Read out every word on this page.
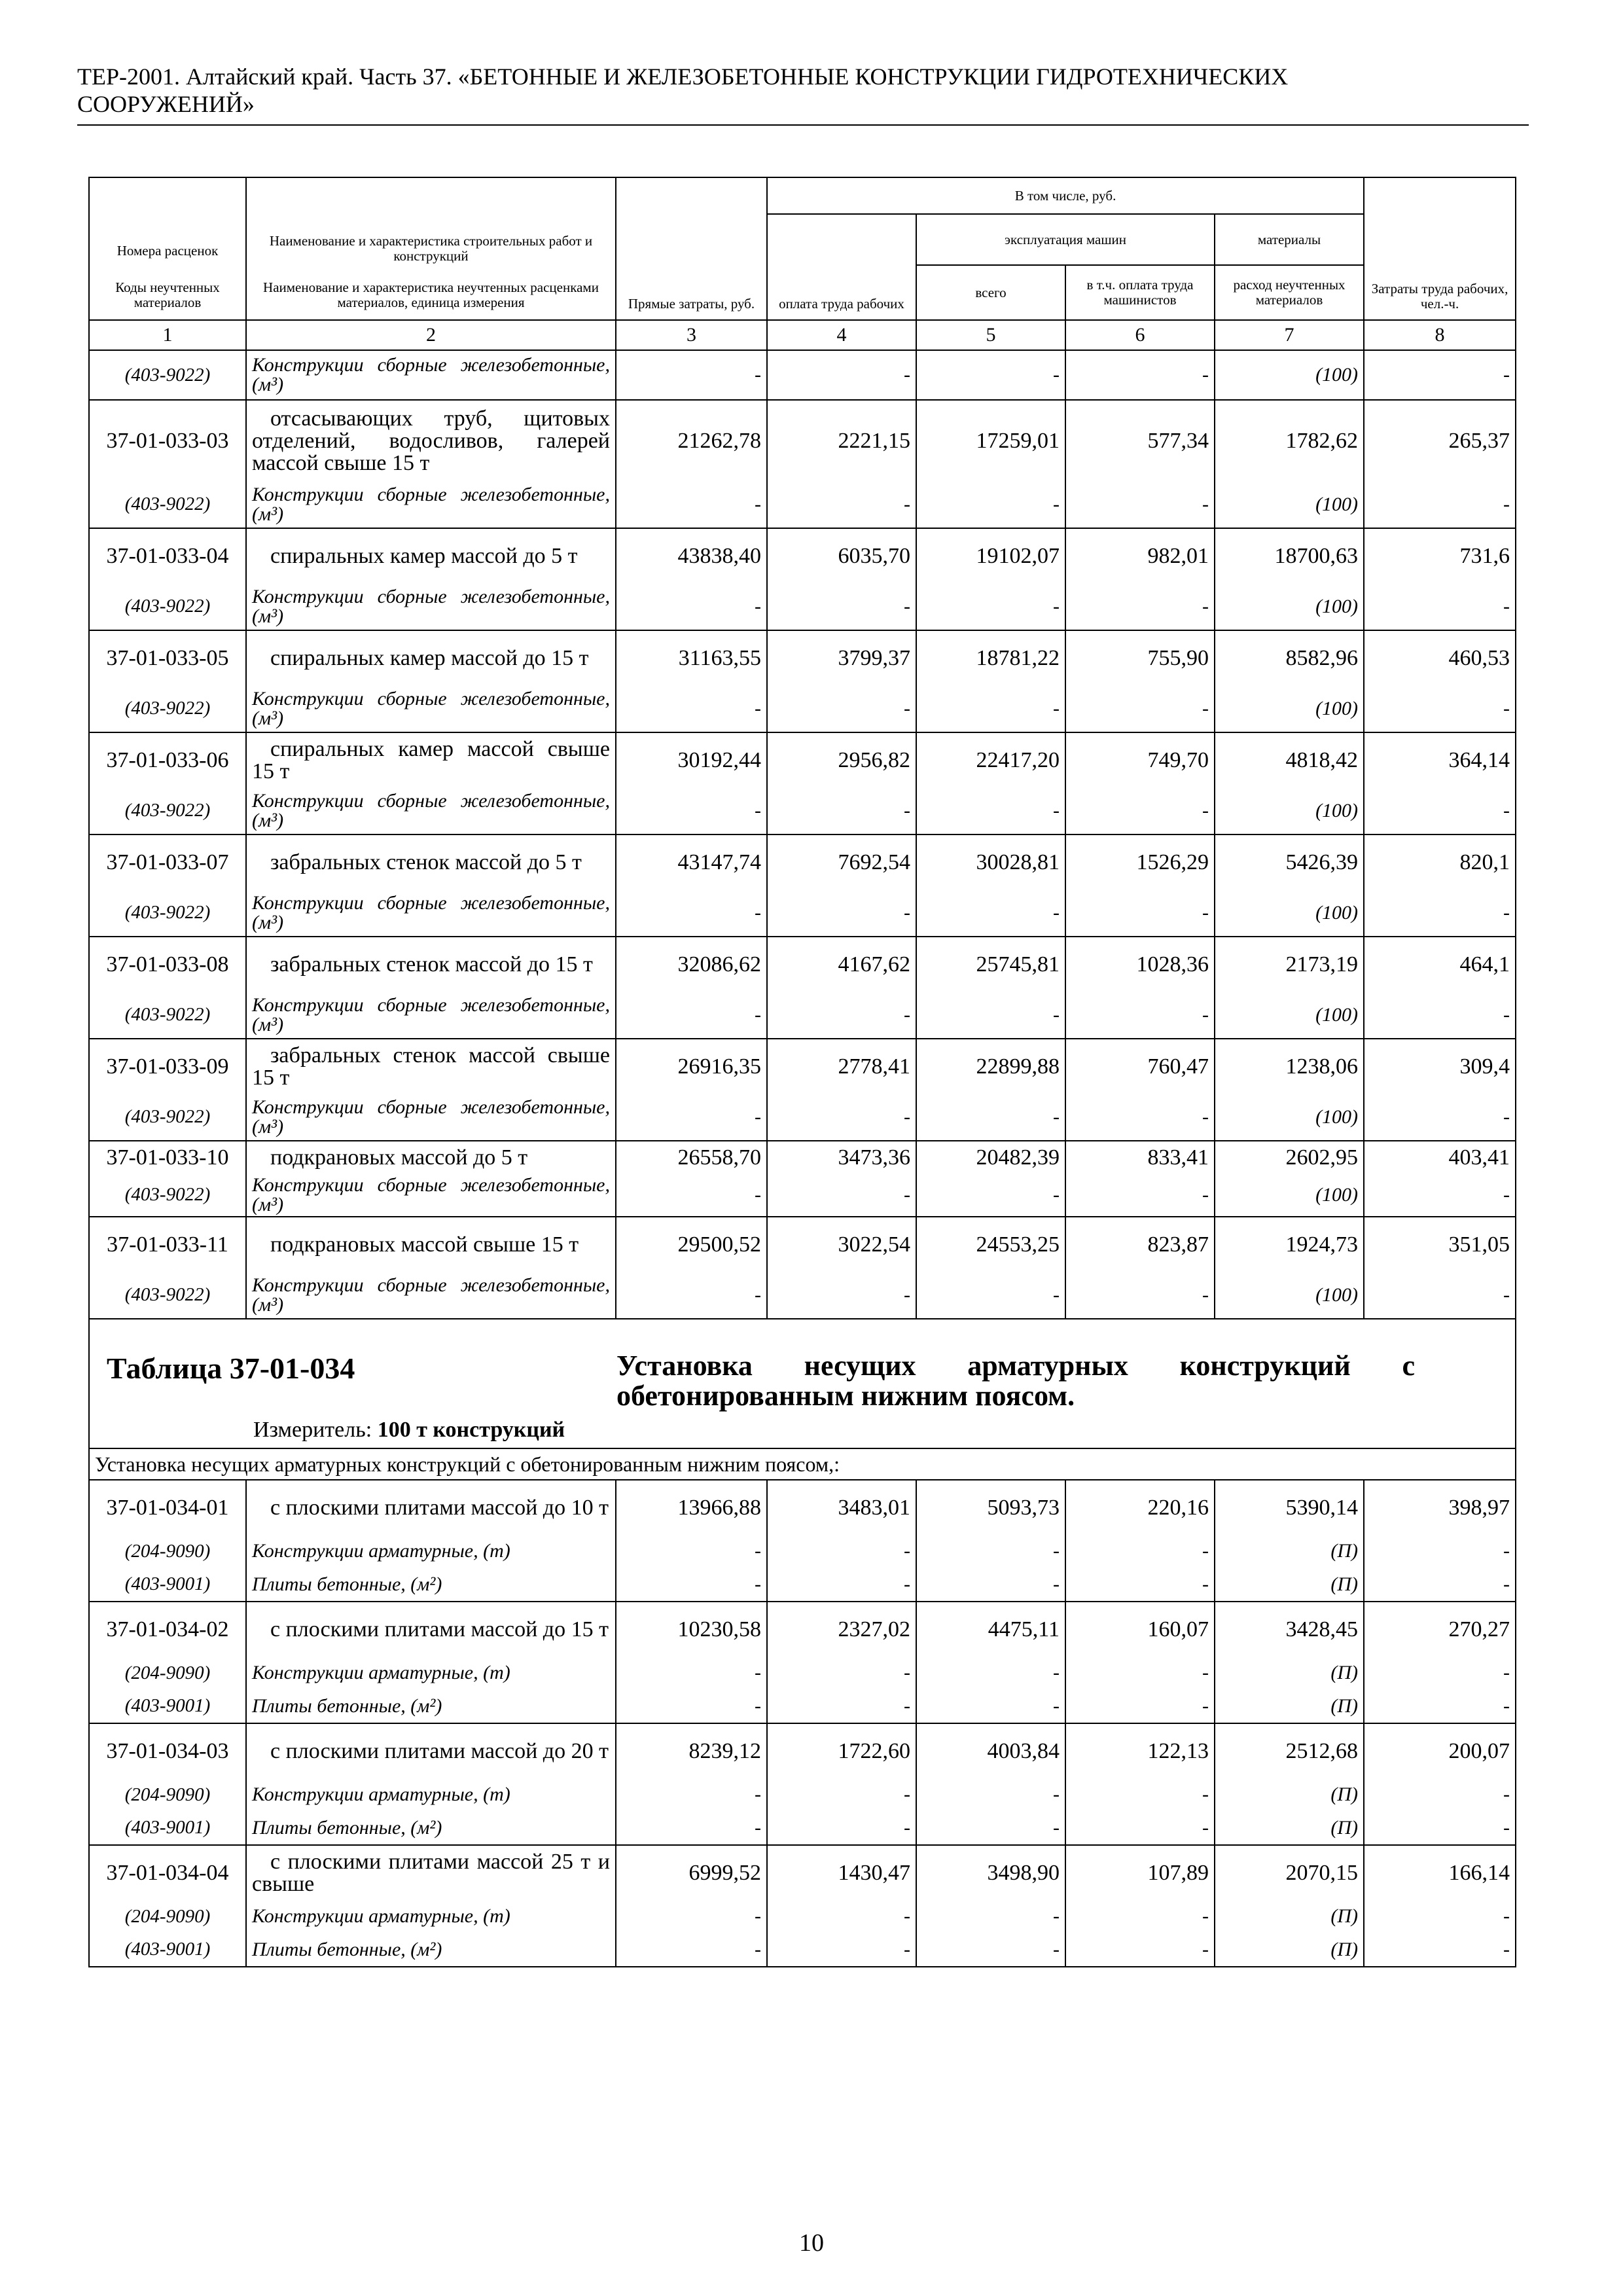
ТЕР-2001. Алтайский край. Часть 37. «БЕТОННЫЕ И ЖЕЛЕЗОБЕТОННЫЕ КОНСТРУКЦИИ ГИДРОТЕХНИЧЕСКИХ
СООРУЖЕНИЙ»
Номера расценок	Наименование и характеристика строительных работ и конструкций	Прямые затраты, руб.	В том числе, руб.				Затраты труда рабочих, чел.-ч.
			оплата труда рабочих	эксплуатация машин		материалы	
				всего	в т.ч. оплата труда машинистов	расход неучтенных материалов	
Коды неучтенных материалов	Наименование и характеристика неучтенных расценками материалов, единица измерения						
1	2	3	4	5	6	7	8
(403-9022)	Конструкции сборные железобетонные, (м³)	-	-	-	-	(100)	-
37-01-033-03	отсасывающих труб, щитовых отделений, водосливов, галерей массой свыше 15 т	21262,78	2221,15	17259,01	577,34	1782,62	265,37
(403-9022)	Конструкции сборные железобетонные, (м³)	-	-	-	-	(100)	-
37-01-033-04	спиральных камер массой до 5 т	43838,40	6035,70	19102,07	982,01	18700,63	731,6
(403-9022)	Конструкции сборные железобетонные, (м³)	-	-	-	-	(100)	-
37-01-033-05	спиральных камер массой до 15 т	31163,55	3799,37	18781,22	755,90	8582,96	460,53
(403-9022)	Конструкции сборные железобетонные, (м³)	-	-	-	-	(100)	-
37-01-033-06	спиральных камер массой свыше 15 т	30192,44	2956,82	22417,20	749,70	4818,42	364,14
(403-9022)	Конструкции сборные железобетонные, (м³)	-	-	-	-	(100)	-
37-01-033-07	забральных стенок массой до 5 т	43147,74	7692,54	30028,81	1526,29	5426,39	820,1
(403-9022)	Конструкции сборные железобетонные, (м³)	-	-	-	-	(100)	-
37-01-033-08	забральных стенок массой до 15 т	32086,62	4167,62	25745,81	1028,36	2173,19	464,1
(403-9022)	Конструкции сборные железобетонные, (м³)	-	-	-	-	(100)	-
37-01-033-09	забральных стенок массой свыше 15 т	26916,35	2778,41	22899,88	760,47	1238,06	309,4
(403-9022)	Конструкции сборные железобетонные, (м³)	-	-	-	-	(100)	-
37-01-033-10	подкрановых массой до 5 т	26558,70	3473,36	20482,39	833,41	2602,95	403,41
(403-9022)	Конструкции сборные железобетонные, (м³)	-	-	-	-	(100)	-
37-01-033-11	подкрановых массой свыше 15 т	29500,52	3022,54	24553,25	823,87	1924,73	351,05
(403-9022)	Конструкции сборные железобетонные, (м³)	-	-	-	-	(100)	-

Таблица 37-01-034 Установка несущих арматурных конструкций с обетонированным нижним поясом.
Измеритель: 100 т конструкций							

Установка несущих арматурных конструкций с обетонированным нижним поясом,:							
37-01-034-01	с плоскими плитами массой до 10 т	13966,88	3483,01	5093,73	220,16	5390,14	398,97
(204-9090)	Конструкции арматурные, (т)	-	-	-	-	(П)	-
(403-9001)	Плиты бетонные, (м²)	-	-	-	-	(П)	-
37-01-034-02	с плоскими плитами массой до 15 т	10230,58	2327,02	4475,11	160,07	3428,45	270,27
(204-9090)	Конструкции арматурные, (т)	-	-	-	-	(П)	-
(403-9001)	Плиты бетонные, (м²)	-	-	-	-	(П)	-
37-01-034-03	с плоскими плитами массой до 20 т	8239,12	1722,60	4003,84	122,13	2512,68	200,07
(204-9090)	Конструкции арматурные, (т)	-	-	-	-	(П)	-
(403-9001)	Плиты бетонные, (м²)	-	-	-	-	(П)	-
37-01-034-04	с плоскими плитами массой 25 т и свыше	6999,52	1430,47	3498,90	107,89	2070,15	166,14
(204-9090)	Конструкции арматурные, (т)	-	-	-	-	(П)	-
(403-9001)	Плиты бетонные, (м²)	-	-	-	-	(П)	-
10
